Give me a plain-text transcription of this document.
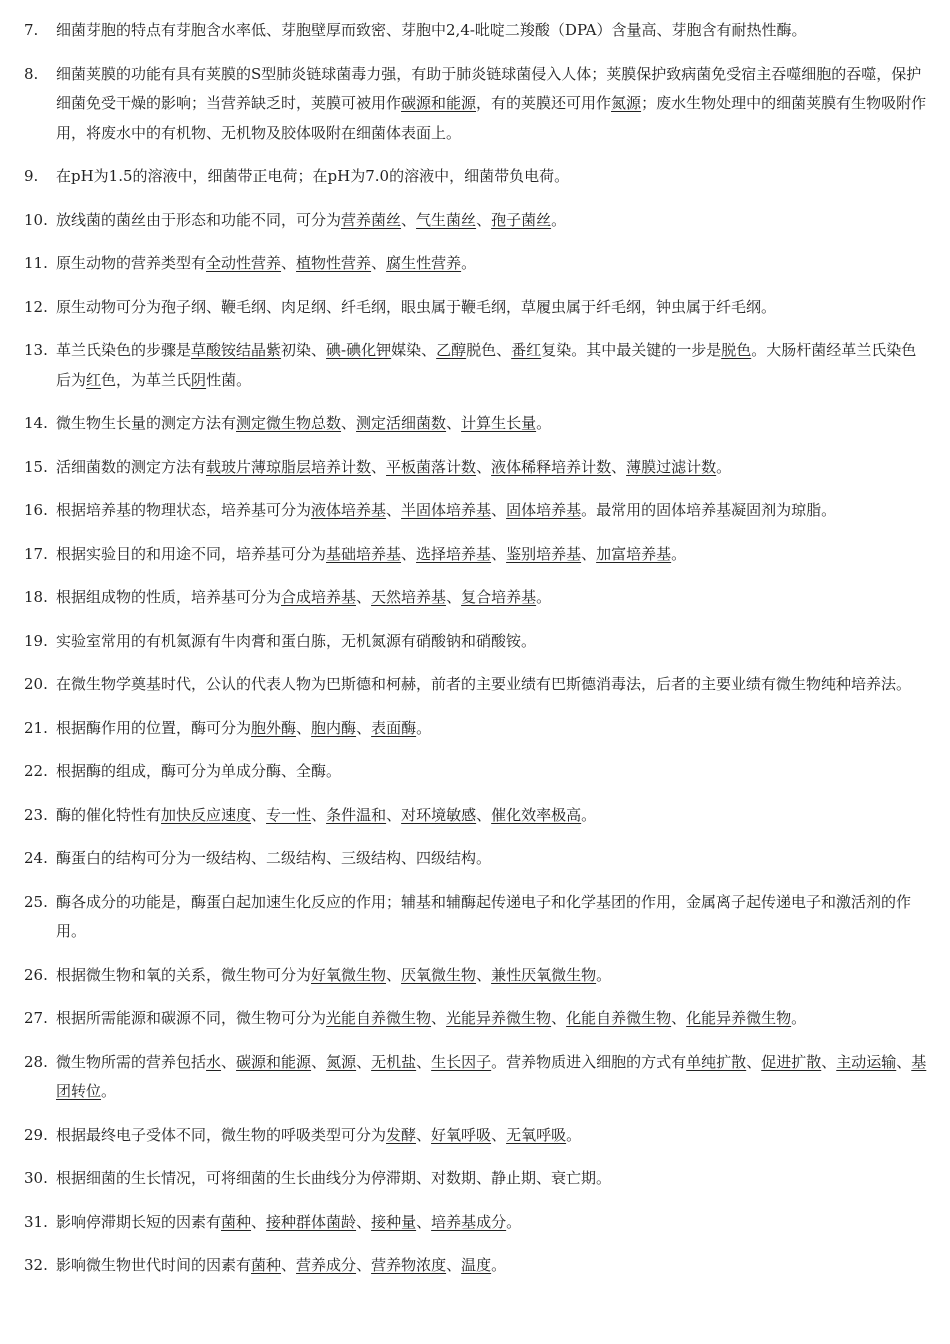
7.	细菌芽胞的特点有芽胞含水率低、芽胞壁厚而致密、芽胞中2,4-吡啶二羧酸（DPA）含量高、芽胞含有耐热性酶。
8.	细菌荚膜的功能有具有荚膜的S型肺炎链球菌毒力强，有助于肺炎链球菌侵入人体；荚膜保护致病菌免受宿主吞噬细胞的吞噬，保护细菌免受干燥的影响；当营养缺乏时，荚膜可被用作碳源和能源，有的荚膜还可用作氮源；废水生物处理中的细菌荚膜有生物吸附作用，将废水中的有机物、无机物及胶体吸附在细菌体表面上。
9.	在pH为1.5的溶液中，细菌带正电荷；在pH为7.0的溶液中，细菌带负电荷。
10. 放线菌的菌丝由于形态和功能不同，可分为营养菌丝、气生菌丝、孢子菌丝。
11. 原生动物的营养类型有全动性营养、植物性营养、腐生性营养。
12. 原生动物可分为孢子纲、鞭毛纲、肉足纲、纤毛纲，眼虫属于鞭毛纲，草履虫属于纤毛纲，钟虫属于纤毛纲。
13. 革兰氏染色的步骤是草酸铵结晶紫初染、碘-碘化钾媒染、乙醇脱色、番红复染。其中最关键的一步是脱色。大肠杆菌经革兰氏染色后为红色，为革兰氏阴性菌。
14. 微生物生长量的测定方法有测定微生物总数、测定活细菌数、计算生长量。
15. 活细菌数的测定方法有载玻片薄琼脂层培养计数、平板菌落计数、液体稀释培养计数、薄膜过滤计数。
16. 根据培养基的物理状态，培养基可分为液体培养基、半固体培养基、固体培养基。最常用的固体培养基凝固剂为琼脂。
17. 根据实验目的和用途不同，培养基可分为基础培养基、选择培养基、鉴别培养基、加富培养基。
18. 根据组成物的性质，培养基可分为合成培养基、天然培养基、复合培养基。
19. 实验室常用的有机氮源有牛肉膏和蛋白胨，无机氮源有硝酸钠和硝酸铵。
20. 在微生物学奠基时代，公认的代表人物为巴斯德和柯赫，前者的主要业绩有巴斯德消毒法，后者的主要业绩有微生物纯种培养法。
21. 根据酶作用的位置，酶可分为胞外酶、胞内酶、表面酶。
22. 根据酶的组成，酶可分为单成分酶、全酶。
23. 酶的催化特性有加快反应速度、专一性、条件温和、对环境敏感、催化效率极高。
24. 酶蛋白的结构可分为一级结构、二级结构、三级结构、四级结构。
25. 酶各成分的功能是，酶蛋白起加速生化反应的作用；辅基和辅酶起传递电子和化学基团的作用，金属离子起传递电子和激活剂的作用。
26. 根据微生物和氧的关系，微生物可分为好氧微生物、厌氧微生物、兼性厌氧微生物。
27. 根据所需能源和碳源不同，微生物可分为光能自养微生物、光能异养微生物、化能自养微生物、化能异养微生物。
28. 微生物所需的营养包括水、碳源和能源、氮源、无机盐、生长因子。营养物质进入细胞的方式有单纯扩散、促进扩散、主动运输、基团转位。
29. 根据最终电子受体不同，微生物的呼吸类型可分为发酵、好氧呼吸、无氧呼吸。
30. 根据细菌的生长情况，可将细菌的生长曲线分为停滞期、对数期、静止期、衰亡期。
31. 影响停滞期长短的因素有菌种、接种群体菌龄、接种量、培养基成分。
32. 影响微生物世代时间的因素有菌种、营养成分、营养物浓度、温度。
